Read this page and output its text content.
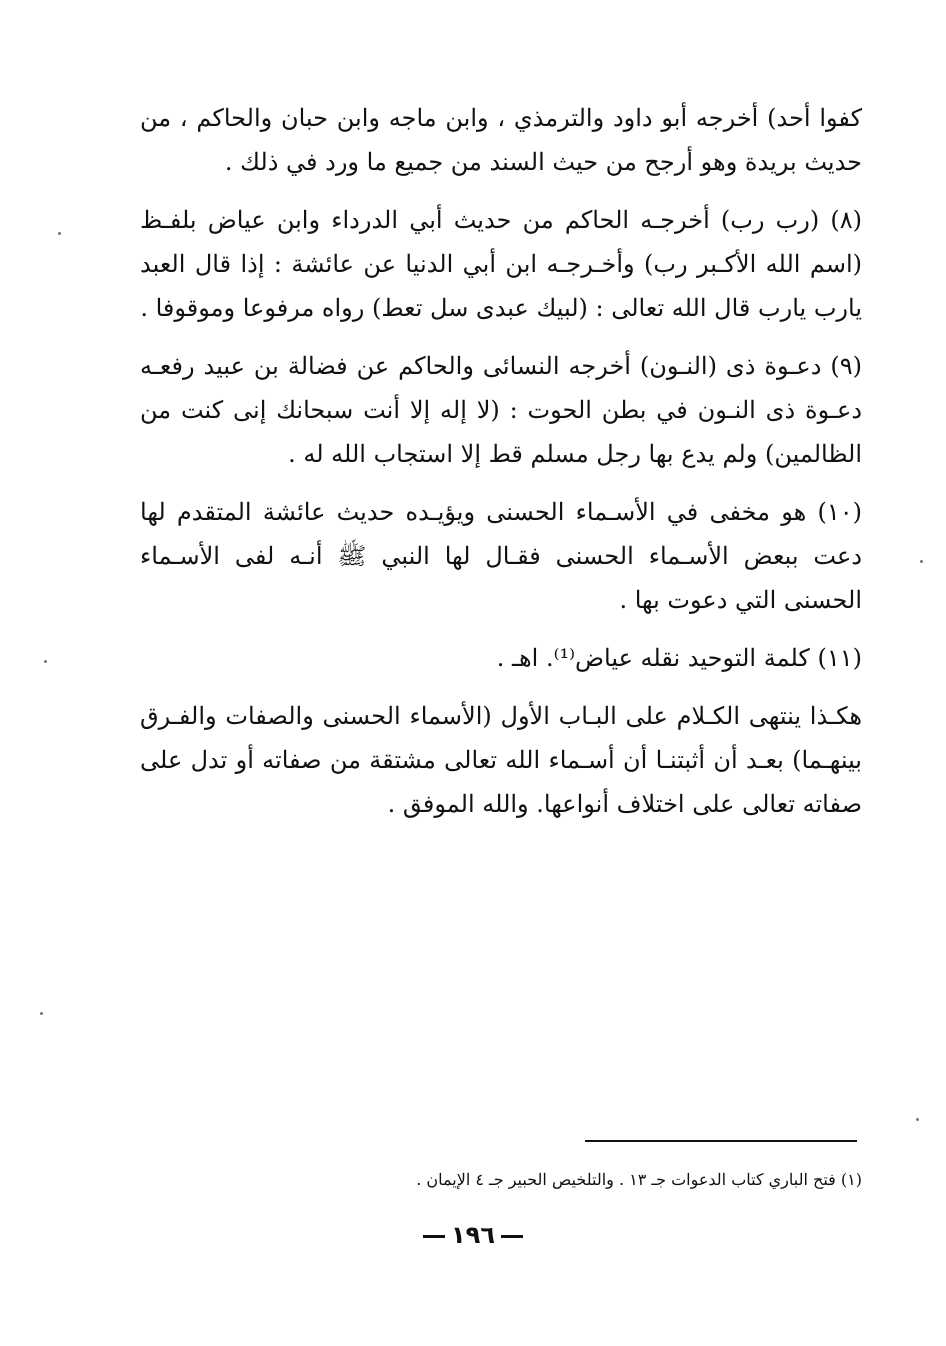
كفوا أحد) أخرجه أبو داود والترمذي ، وابن ماجه وابن حبان والحاكم ، من حديث بريدة وهو أرجح من حيث السند من جميع ما ورد في ذلك .

(٨) (رب رب) أخرجـه الحاكم من حديث أبي الدرداء وابن عياض بلفـظ (اسم الله الأكـبر رب) وأخـرجـه ابن أبي الدنيا عن عائشة : إذا قال العبد يارب يارب قال الله تعالى : (لبيك عبدى سل تعط) رواه مرفوعا وموقوفا .

(٩) دعـوة ذى (النـون) أخرجه النسائى والحاكم عن فضالة بن عبيد رفعـه دعـوة ذى النـون في بطن الحوت : (لا إله إلا أنت سبحانك إنى كنت من الظالمين) ولم يدع بها رجل مسلم قط إلا استجاب الله له .

(١٠) هو مخفى في الأسـماء الحسنى ويؤيـده حديث عائشة المتقدم لها دعت ببعض الأسـماء الحسنى فقـال لها النبي ﷺ أنـه لفى الأسـماء الحسنى التي دعوت بها .

(١١) كلمة التوحيد نقله عياض⁽¹⁾. اهـ .

هكـذا ينتهى الكـلام على البـاب الأول (الأسماء الحسنى والصفات والفـرق بينهـما) بعـد أن أثبتنـا أن أسـماء الله تعالى مشتقة من صفاته أو تدل على صفاته تعالى على اختلاف أنواعها. والله الموفق .

(١) فتح الباري كتاب الدعوات جـ ١٣ . والتلخيص الحبير جـ ٤ الإيمان .
١٩٦
